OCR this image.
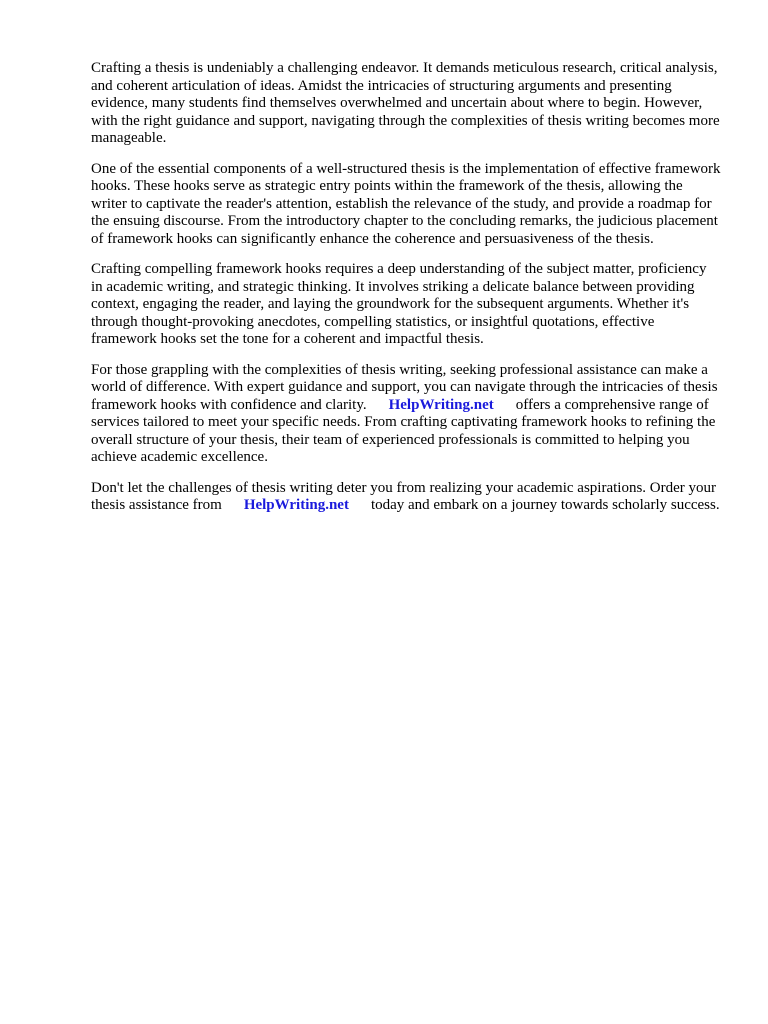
Crafting a thesis is undeniably a challenging endeavor. It demands meticulous research, critical analysis, and coherent articulation of ideas. Amidst the intricacies of structuring arguments and presenting evidence, many students find themselves overwhelmed and uncertain about where to begin. However, with the right guidance and support, navigating through the complexities of thesis writing becomes more manageable.

One of the essential components of a well-structured thesis is the implementation of effective framework hooks. These hooks serve as strategic entry points within the framework of the thesis, allowing the writer to captivate the reader's attention, establish the relevance of the study, and provide a roadmap for the ensuing discourse. From the introductory chapter to the concluding remarks, the judicious placement of framework hooks can significantly enhance the coherence and persuasiveness of the thesis.

Crafting compelling framework hooks requires a deep understanding of the subject matter, proficiency in academic writing, and strategic thinking. It involves striking a delicate balance between providing context, engaging the reader, and laying the groundwork for the subsequent arguments. Whether it's through thought-provoking anecdotes, compelling statistics, or insightful quotations, effective framework hooks set the tone for a coherent and impactful thesis.

For those grappling with the complexities of thesis writing, seeking professional assistance can make a world of difference. With expert guidance and support, you can navigate through the intricacies of thesis framework hooks with confidence and clarity. HelpWriting.net offers a comprehensive range of services tailored to meet your specific needs. From crafting captivating framework hooks to refining the overall structure of your thesis, their team of experienced professionals is committed to helping you achieve academic excellence.

Don't let the challenges of thesis writing deter you from realizing your academic aspirations. Order your thesis assistance from HelpWriting.net today and embark on a journey towards scholarly success.
